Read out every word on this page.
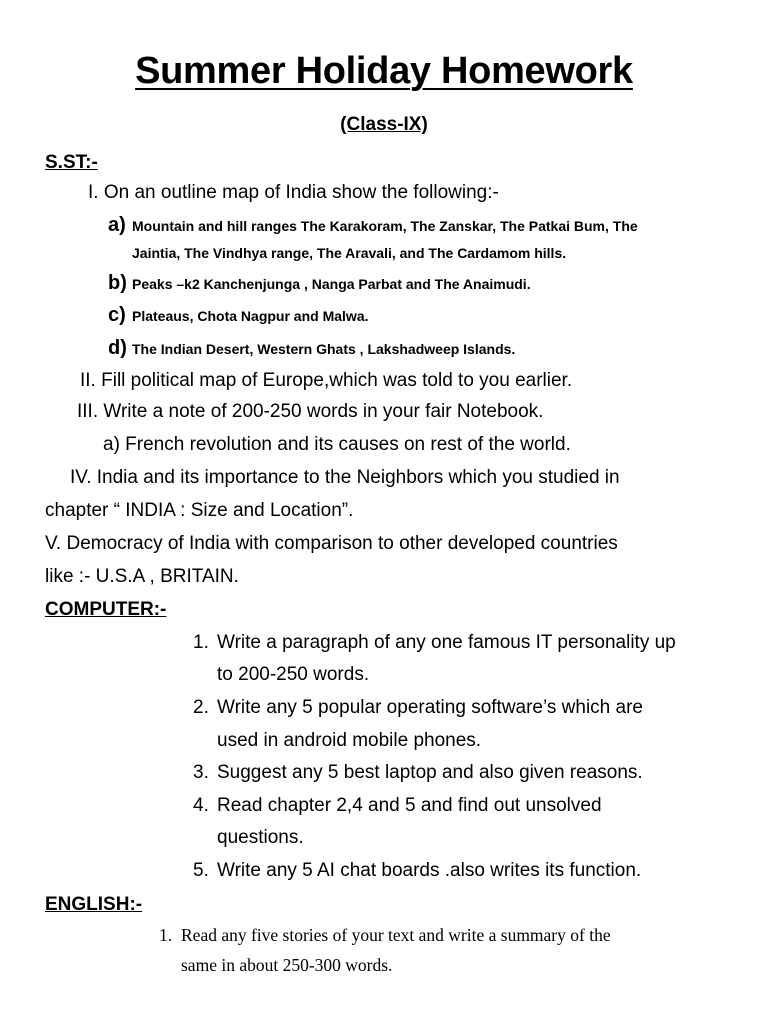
Summer Holiday Homework
(Class-IX)
S.ST:-
I. On an outline map of India show the following:-
a) Mountain and hill ranges The Karakoram, The Zanskar, The Patkai Bum, The
Jaintia, The Vindhya range, The Aravali, and The Cardamom hills.
b) Peaks –k2 Kanchenjunga , Nanga Parbat and The Anaimudi.
c) Plateaus, Chota Nagpur and Malwa.
d) The Indian Desert, Western Ghats , Lakshadweep Islands.
II. Fill political map of Europe,which was told to you earlier.
III. Write a note of 200-250 words in your fair Notebook.
a) French revolution and its causes on rest of the world.
IV. India and its importance to the Neighbors which you studied in
chapter “ INDIA : Size and Location”.
V. Democracy of India with comparison to other developed countries
like :- U.S.A , BRITAIN.
COMPUTER:-
1. Write a paragraph of any one famous IT personality up
to 200-250 words.
2. Write any 5 popular operating software’s which are
used in android mobile phones.
3. Suggest any 5 best laptop and also given reasons.
4. Read chapter 2,4 and 5 and find out unsolved
questions.
5. Write any 5 AI chat boards .also writes its function.
ENGLISH:-
1. Read any five stories of your text and write a summary of the
same in about 250-300 words.
